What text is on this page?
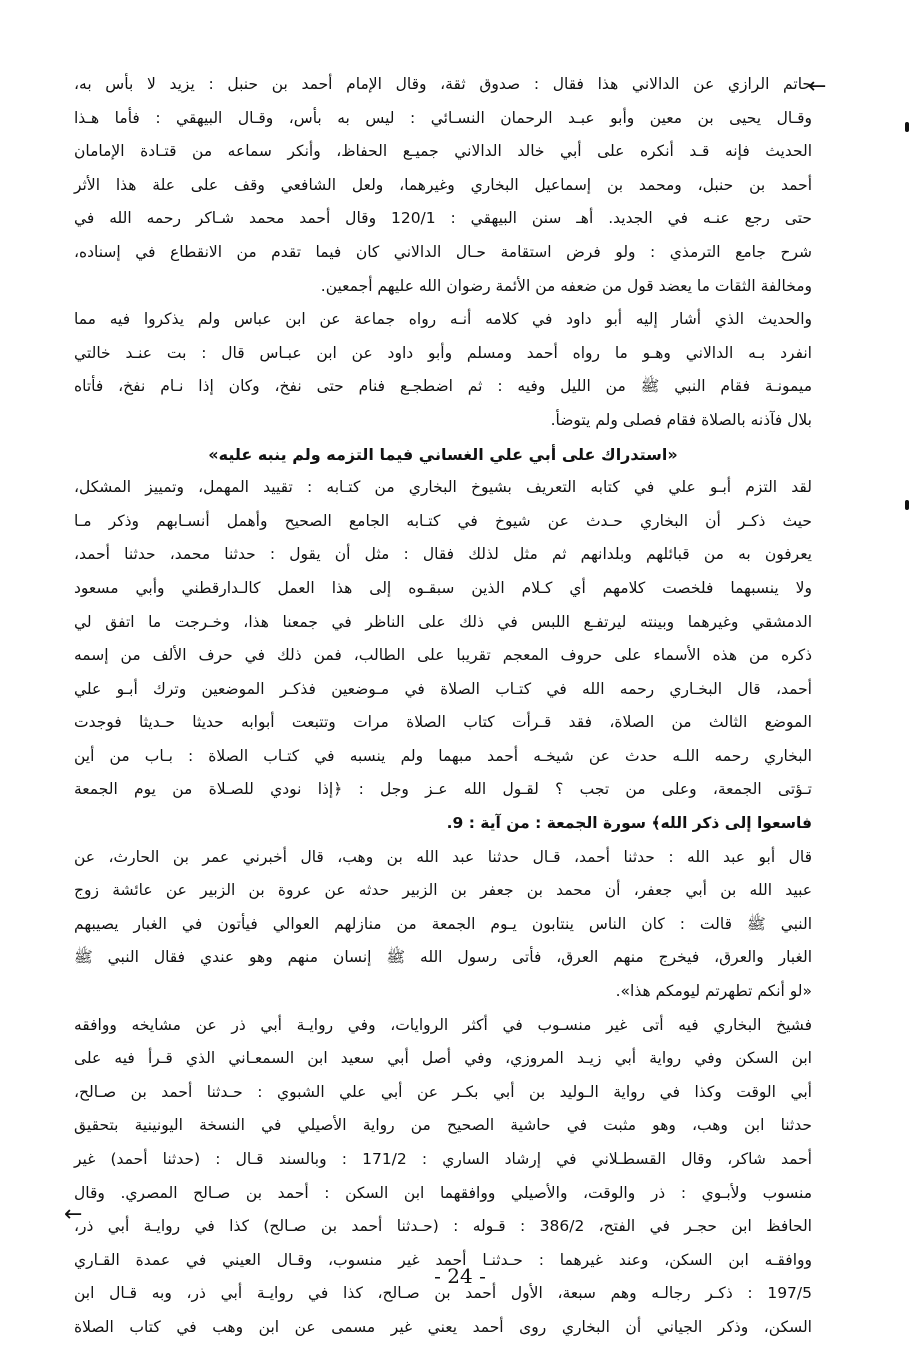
←
حاتم الرازي عن الدالاني هذا فقال : صدوق ثقة، وقال الإمام أحمد بن حنبل : يزيد لا بأس به،
وقـال يحيى بن معين وأبو عبـد الرحمان النسـائي : ليس به بأس، وقـال البيهقي : فأما هـذا
الحديث فإنه قـد أنكره على أبي خالد الدالاني جميـع الحفاظ، وأنكر سماعه من قتـادة الإمامان
أحمد بن حنبل، ومحمد بن إسماعيل البخاري وغيرهما، ولعل الشافعي وقف على علة هذا الأثر
حتى رجع عنـه في الجديد. أهـ سنن البيهقي : 120/1 وقال أحمد محمد شـاكر رحمه الله في
شرح جامع الترمذي : ولو فرض استقامة حـال الدالاني كان فيما تقدم من الانقطاع في إسناده،
ومخالفة الثقات ما يعضد قول من ضعفه من الأئمة رضوان الله عليهم أجمعين.
والحديث الذي أشار إليه أبو داود في كلامه أنـه رواه جماعة عن ابن عباس ولم يذكروا فيه مما
انفرد بـه الدالاني وهـو ما رواه أحمد ومسلم وأبو داود عن ابن عبـاس قال : بت عنـد خالتي
ميمونـة فقام النبي ﷺ من الليل وفيه : ثم اضطجـع فنام حتى نفخ، وكان إذا نـام نفخ، فأتاه
بلال فآذنه بالصلاة فقام فصلى ولم يتوضأ.
«استدراك على أبي علي الغساني فيما التزمه ولم ينبه عليه»
لقد التزم أبـو علي في كتابه التعريف بشيوخ البخاري من كتـابه : تقييد المهمل، وتمييز المشكل،
حيث ذكـر أن البخاري حـدث عن شيوخ في كتـابه الجامع الصحيح وأهمل أنسـابهم وذكر مـا
يعرفون به من قبائلهم وبلدانهم ثم مثل لذلك فقال : مثل أن يقول : حدثنا محمد، حدثنا أحمد،
ولا ينسبهما فلخصت كلامهم أي كـلام الذين سبقـوه إلى هذا العمل كالـدارقطني وأبي مسعود
الدمشقي وغيرهما وبينته ليرتفـع اللبس في ذلك على الناظر في جمعنا هذا، وخـرجت ما اتفق لي
ذكره من هذه الأسماء على حروف المعجم تقريبا على الطالب، فمن ذلك في حرف الألف من إسمه
أحمد، قال البخـاري رحمه الله في كتـاب الصلاة في مـوضعين فذكـر الموضعين وترك أبـو علي
الموضع الثالث من الصلاة، فقد قـرأت كتاب الصلاة مرات وتتبعت أبوابه حديثا حـديثا فوجدت
البخاري رحمه اللـه حدث عن شيخـه أحمد مبهما ولم ينسبه في كتـاب الصلاة : بـاب من أين
تـؤتى الجمعة، وعلى من تجب ؟ لقـول الله عـز وجل : ﴿إذا نودي للصـلاة من يوم الجمعة
فاسعوا إلى ذكر الله﴾ سورة الجمعة : من آية : 9.
قال أبو عبد الله : حدثنا أحمد، قـال حدثنا عبد الله بن وهب، قال أخبرني عمر بن الحارث، عن
عبيد الله بن أبي جعفر، أن محمد بن جعفر بن الزبير حدثه عن عروة بن الزبير عن عائشة زوج
النبي ﷺ قالت : كان الناس ينتابون يـوم الجمعة من منازلهم العوالي فيأتون في الغبار يصيبهم
الغبار والعرق، فيخرج منهم العرق، فأتى رسول الله ﷺ إنسان منهم وهو عندي فقال النبي ﷺ
«لو أنكم تطهرتم ليومكم هذا».
فشيخ البخاري فيه أتى غير منسـوب في أكثر الروايات، وفي روايـة أبي ذر عن مشايخه ووافقه
ابن السكن وفي رواية أبي زيـد المروزي، وفي أصل أبي سعيد ابن السمعـاني الذي قـرأ فيه على
أبي الوقت وكذا في رواية الـوليد بن أبي بكـر عن أبي علي الشبوي : حـدثنا أحمد بن صـالح،
حدثنا ابن وهب، وهو مثبت في حاشية الصحيح من رواية الأصيلي في النسخة اليونينية بتحقيق
أحمد شاكر، وقال القسطـلاني في إرشاد الساري : 171/2 : وبالسند قـال : (حدثنا أحمد) غير
منسوب ولأبـوي : ذر والوقت، والأصيلي ووافقهما ابن السكن : أحمد بن صـالح المصري. وقال
الحافظ ابن حجـر في الفتح، 386/2 : قـوله : (حـدثنا أحمد بن صـالح) كذا في روايـة أبي ذر،
ووافقـه ابن السكن، وعند غيرهما : حـدثنـا أحمد غير منسوب، وقـال العيني في عمدة القـاري
197/5 : ذكـر رجالـه وهم سبعة، الأول أحمد بن صـالح، كذا في روايـة أبي ذر، وبه قـال ابن
السكن، وذكر الجياني أن البخاري روى أحمد يعني غير مسمى عن ابن وهب في كتاب الصلاة
←
- 24 -
